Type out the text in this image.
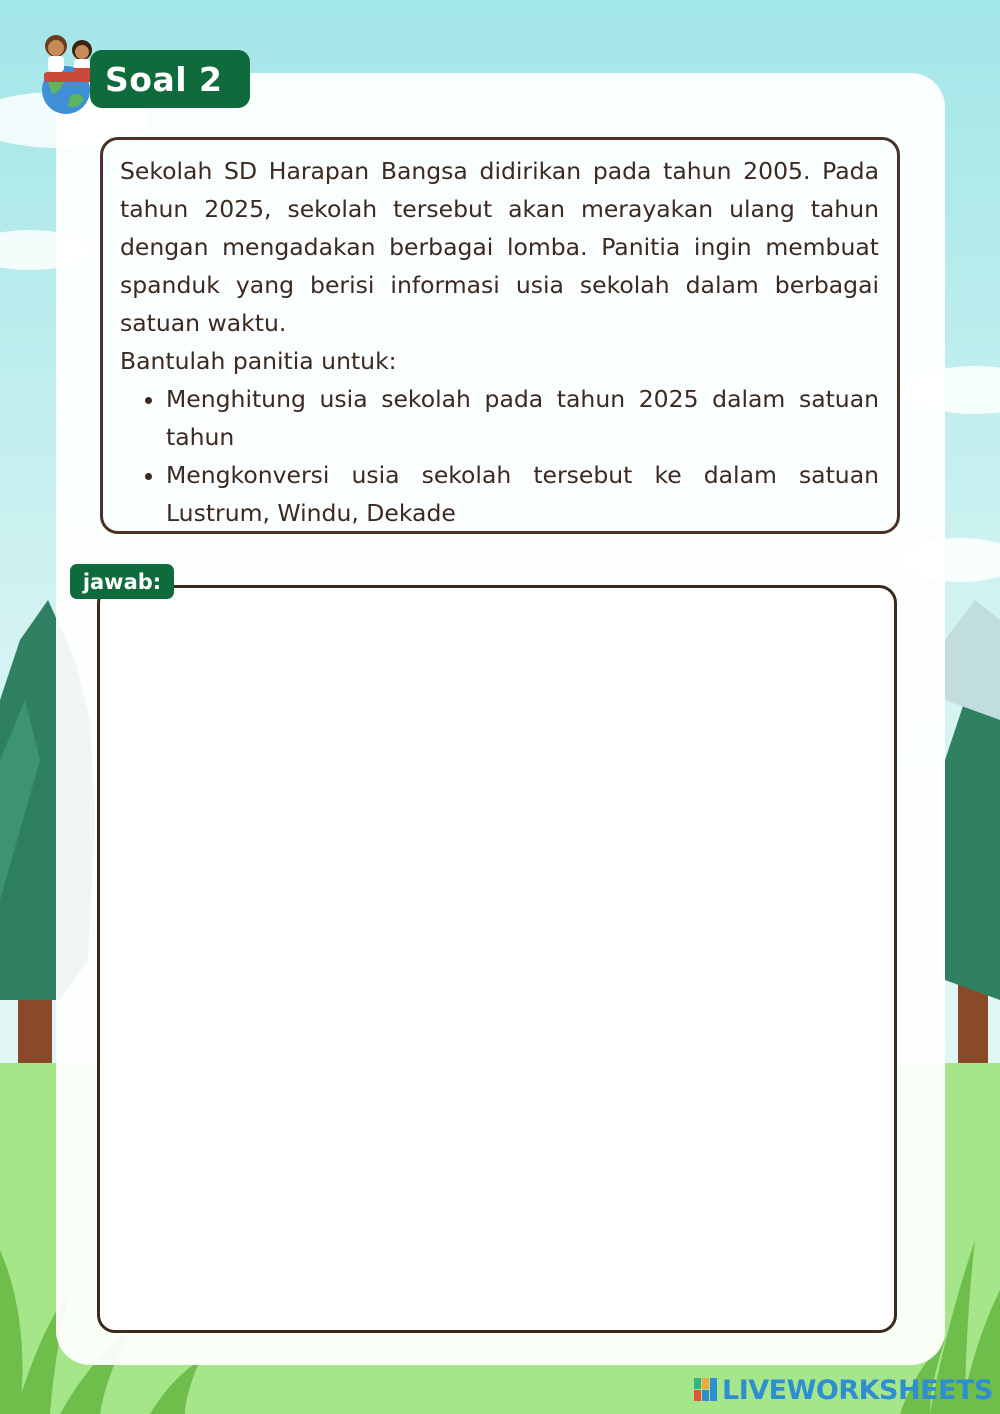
Soal 2

Sekolah SD Harapan Bangsa didirikan pada tahun 2005. Pada tahun 2025, sekolah tersebut akan merayakan ulang tahun dengan mengadakan berbagai lomba. Panitia ingin membuat spanduk yang berisi informasi usia sekolah dalam berbagai satuan waktu.

Bantulah panitia untuk:

• Menghitung usia sekolah pada tahun 2025 dalam satuan tahun
• Mengkonversi usia sekolah tersebut ke dalam satuan Lustrum, Windu, Dekade
jawab:
LIVEWORKSHEETS
